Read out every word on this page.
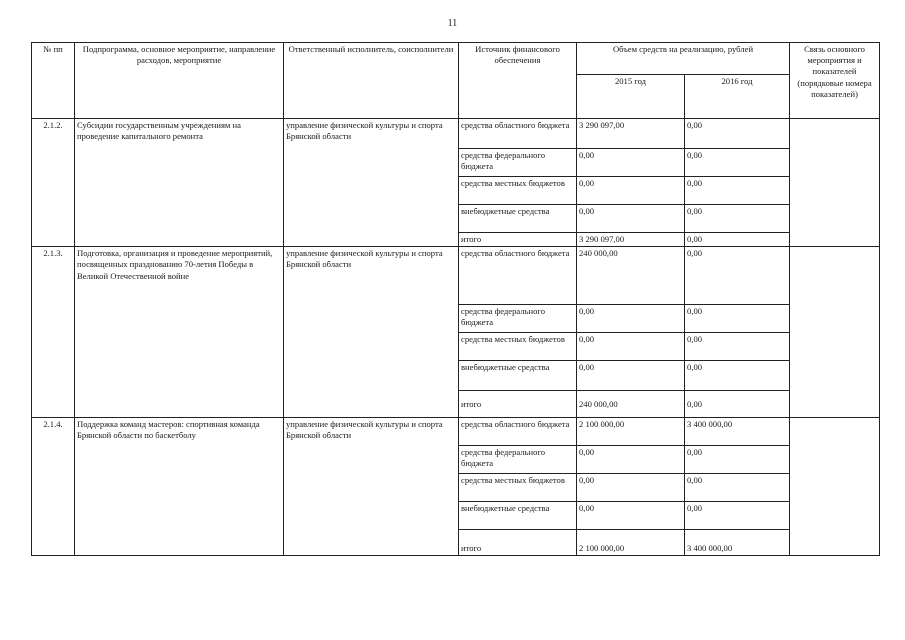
11
№ пп	Подпрограмма, основное мероприятие, направление расходов, мероприятие	Ответственный исполнитель, соисполнители	Источник финансового обеспечения	Объем средств на реализацию, рублей		Связь основного мероприятия и показателей (порядковые номера показателей)
				2015 год	2016 год	
2.1.2.	Субсидии государственным учреждениям на проведение капитального ремонта	управление физической культуры и спорта Брянской области	средства областного бюджета	3 290 097,00	0,00	
			средства федерального бюджета	0,00	0,00	
			средства местных бюджетов	0,00	0,00	
			внебюджетные средства	0,00	0,00	
			итого	3 290 097,00	0,00	
2.1.3.	Подготовка, организация и проведение мероприятий, посвященных празднованию 70-летия Победы в Великой Отечественной войне	управление физической культуры и спорта Брянской области	средства областного бюджета	240 000,00	0,00	
			средства федерального бюджета	0,00	0,00	
			средства местных бюджетов	0,00	0,00	
			внебюджетные средства	0,00	0,00	
			итого	240 000,00	0,00	
2.1.4.	Поддержка команд мастеров: спортивная команда Брянской области по баскетболу	управление физической культуры и спорта Брянской области	средства областного бюджета	2 100 000,00	3 400 000,00	
			средства федерального бюджета	0,00	0,00	
			средства местных бюджетов	0,00	0,00	
			внебюджетные средства	0,00	0,00	
			итого	2 100 000,00	3 400 000,00	
